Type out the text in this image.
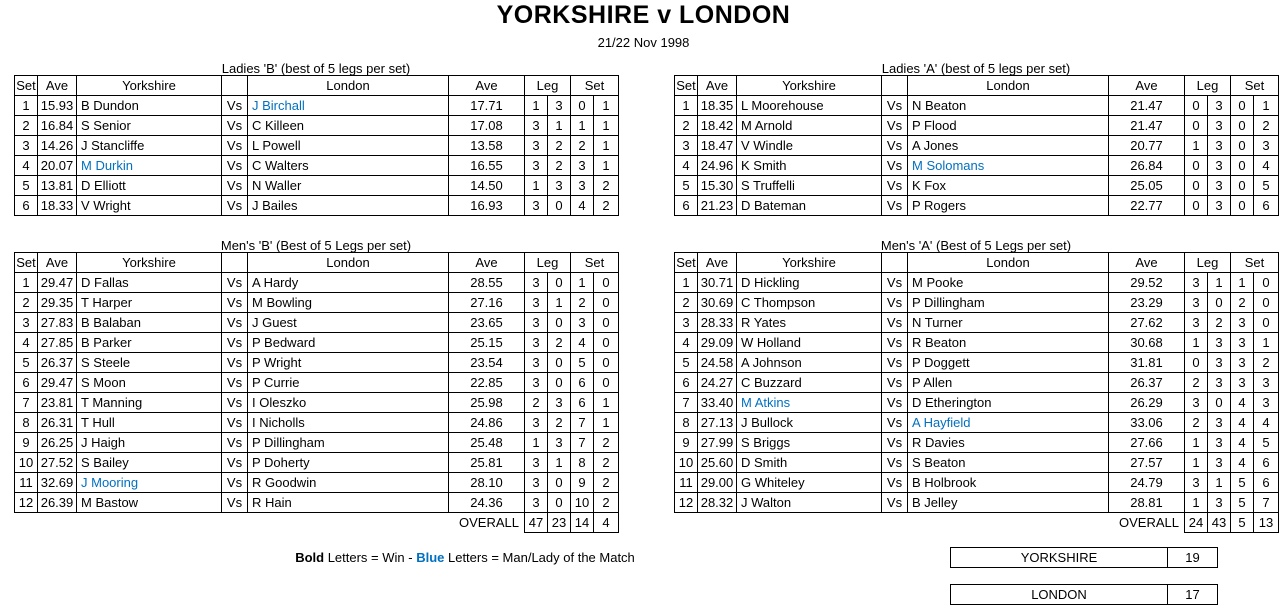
YORKSHIRE v LONDON
21/22 Nov 1998
Ladies 'B' (best of 5 legs per set)
Set	Ave	Yorkshire		London	Ave	Leg		Set	
1	15.93	B Dundon	Vs	J Birchall	17.71	1	3	0	1
2	16.84	S Senior	Vs	C Killeen	17.08	3	1	1	1
3	14.26	J Stancliffe	Vs	L Powell	13.58	3	2	2	1
4	20.07	M Durkin	Vs	C Walters	16.55	3	2	3	1
5	13.81	D Elliott	Vs	N Waller	14.50	1	3	3	2
6	18.33	V Wright	Vs	J Bailes	16.93	3	0	4	2
Ladies 'A' (best of 5 legs per set)
Set	Ave	Yorkshire		London	Ave	Leg		Set	
1	18.35	L Moorehouse	Vs	N Beaton	21.47	0	3	0	1
2	18.42	M Arnold	Vs	P Flood	21.47	0	3	0	2
3	18.47	V Windle	Vs	A Jones	20.77	1	3	0	3
4	24.96	K Smith	Vs	M Solomans	26.84	0	3	0	4
5	15.30	S Truffelli	Vs	K Fox	25.05	0	3	0	5
6	21.23	D Bateman	Vs	P Rogers	22.77	0	3	0	6
Men's 'B' (Best of 5 Legs per set)
Set	Ave	Yorkshire		London	Ave	Leg		Set	
1	29.47	D Fallas	Vs	A Hardy	28.55	3	0	1	0
2	29.35	T Harper	Vs	M Bowling	27.16	3	1	2	0
3	27.83	B Balaban	Vs	J Guest	23.65	3	0	3	0
4	27.85	B Parker	Vs	P Bedward	25.15	3	2	4	0
5	26.37	S Steele	Vs	P Wright	23.54	3	0	5	0
6	29.47	S Moon	Vs	P Currie	22.85	3	0	6	0
7	23.81	T Manning	Vs	I Oleszko	25.98	2	3	6	1
8	26.31	T Hull	Vs	I Nicholls	24.86	3	2	7	1
9	26.25	J Haigh	Vs	P Dillingham	25.48	1	3	7	2
10	27.52	S Bailey	Vs	P Doherty	25.81	3	1	8	2
11	32.69	J Mooring	Vs	R Goodwin	28.10	3	0	9	2
12	26.39	M Bastow	Vs	R Hain	24.36	3	0	10	2
OVERALL						47	23	14	4
Men's 'A' (Best of 5 Legs per set)
Set	Ave	Yorkshire		London	Ave	Leg		Set	
1	30.71	D Hickling	Vs	M Pooke	29.52	3	1	1	0
2	30.69	C Thompson	Vs	P Dillingham	23.29	3	0	2	0
3	28.33	R Yates	Vs	N Turner	27.62	3	2	3	0
4	29.09	W Holland	Vs	R Beaton	30.68	1	3	3	1
5	24.58	A Johnson	Vs	P Doggett	31.81	0	3	3	2
6	24.27	C Buzzard	Vs	P Allen	26.37	2	3	3	3
7	33.40	M Atkins	Vs	D Etherington	26.29	3	0	4	3
8	27.13	J Bullock	Vs	A Hayfield	33.06	2	3	4	4
9	27.99	S Briggs	Vs	R Davies	27.66	1	3	4	5
10	25.60	D Smith	Vs	S Beaton	27.57	1	3	4	6
11	29.00	G Whiteley	Vs	B Holbrook	24.79	3	1	5	6
12	28.32	J Walton	Vs	B Jelley	28.81	1	3	5	7
OVERALL						24	43	5	13
Bold Letters = Win - Blue Letters = Man/Lady of the Match	YORKSHIRE	19
LONDON	17
